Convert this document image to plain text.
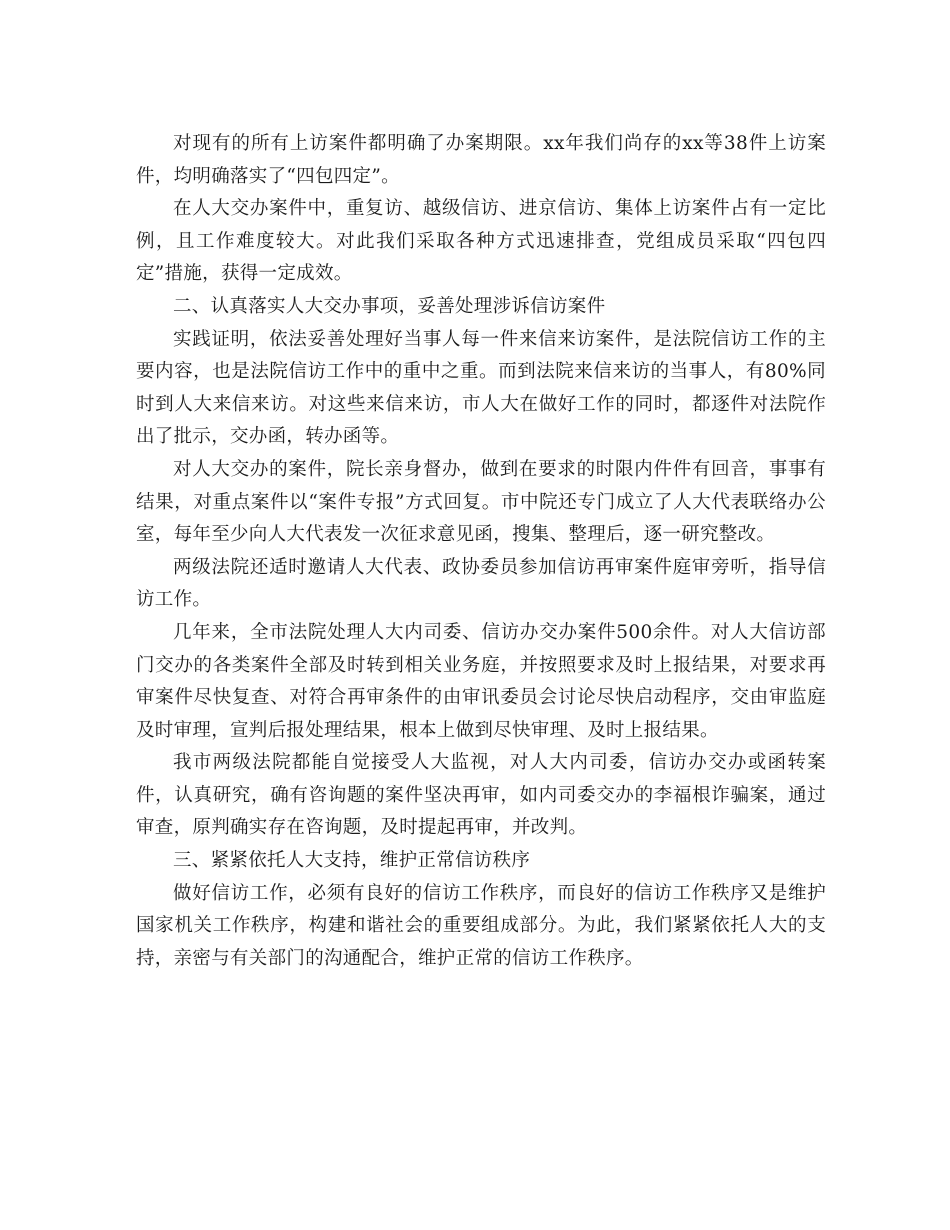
对现有的所有上访案件都明确了办案期限。xx年我们尚存的xx等38件上访案件，均明确落实了“四包四定”。

在人大交办案件中，重复访、越级信访、进京信访、集体上访案件占有一定比例，且工作难度较大。对此我们采取各种方式迅速排查，党组成员采取“四包四定”措施，获得一定成效。

二、认真落实人大交办事项，妥善处理涉诉信访案件

实践证明，依法妥善处理好当事人每一件来信来访案件，是法院信访工作的主要内容，也是法院信访工作中的重中之重。而到法院来信来访的当事人，有80%同时到人大来信来访。对这些来信来访，市人大在做好工作的同时，都逐件对法院作出了批示，交办函，转办函等。

对人大交办的案件，院长亲身督办，做到在要求的时限内件件有回音，事事有结果，对重点案件以“案件专报”方式回复。市中院还专门成立了人大代表联络办公室，每年至少向人大代表发一次征求意见函，搜集、整理后，逐一研究整改。

两级法院还适时邀请人大代表、政协委员参加信访再审案件庭审旁听，指导信访工作。

几年来，全市法院处理人大内司委、信访办交办案件500余件。对人大信访部门交办的各类案件全部及时转到相关业务庭，并按照要求及时上报结果，对要求再审案件尽快复查、对符合再审条件的由审讯委员会讨论尽快启动程序，交由审监庭及时审理，宣判后报处理结果，根本上做到尽快审理、及时上报结果。

我市两级法院都能自觉接受人大监视，对人大内司委，信访办交办或函转案件，认真研究，确有咨询题的案件坚决再审，如内司委交办的李福根诈骗案，通过审查，原判确实存在咨询题，及时提起再审，并改判。

三、紧紧依托人大支持，维护正常信访秩序

做好信访工作，必须有良好的信访工作秩序，而良好的信访工作秩序又是维护国家机关工作秩序，构建和谐社会的重要组成部分。为此，我们紧紧依托人大的支持，亲密与有关部门的沟通配合，维护正常的信访工作秩序。
